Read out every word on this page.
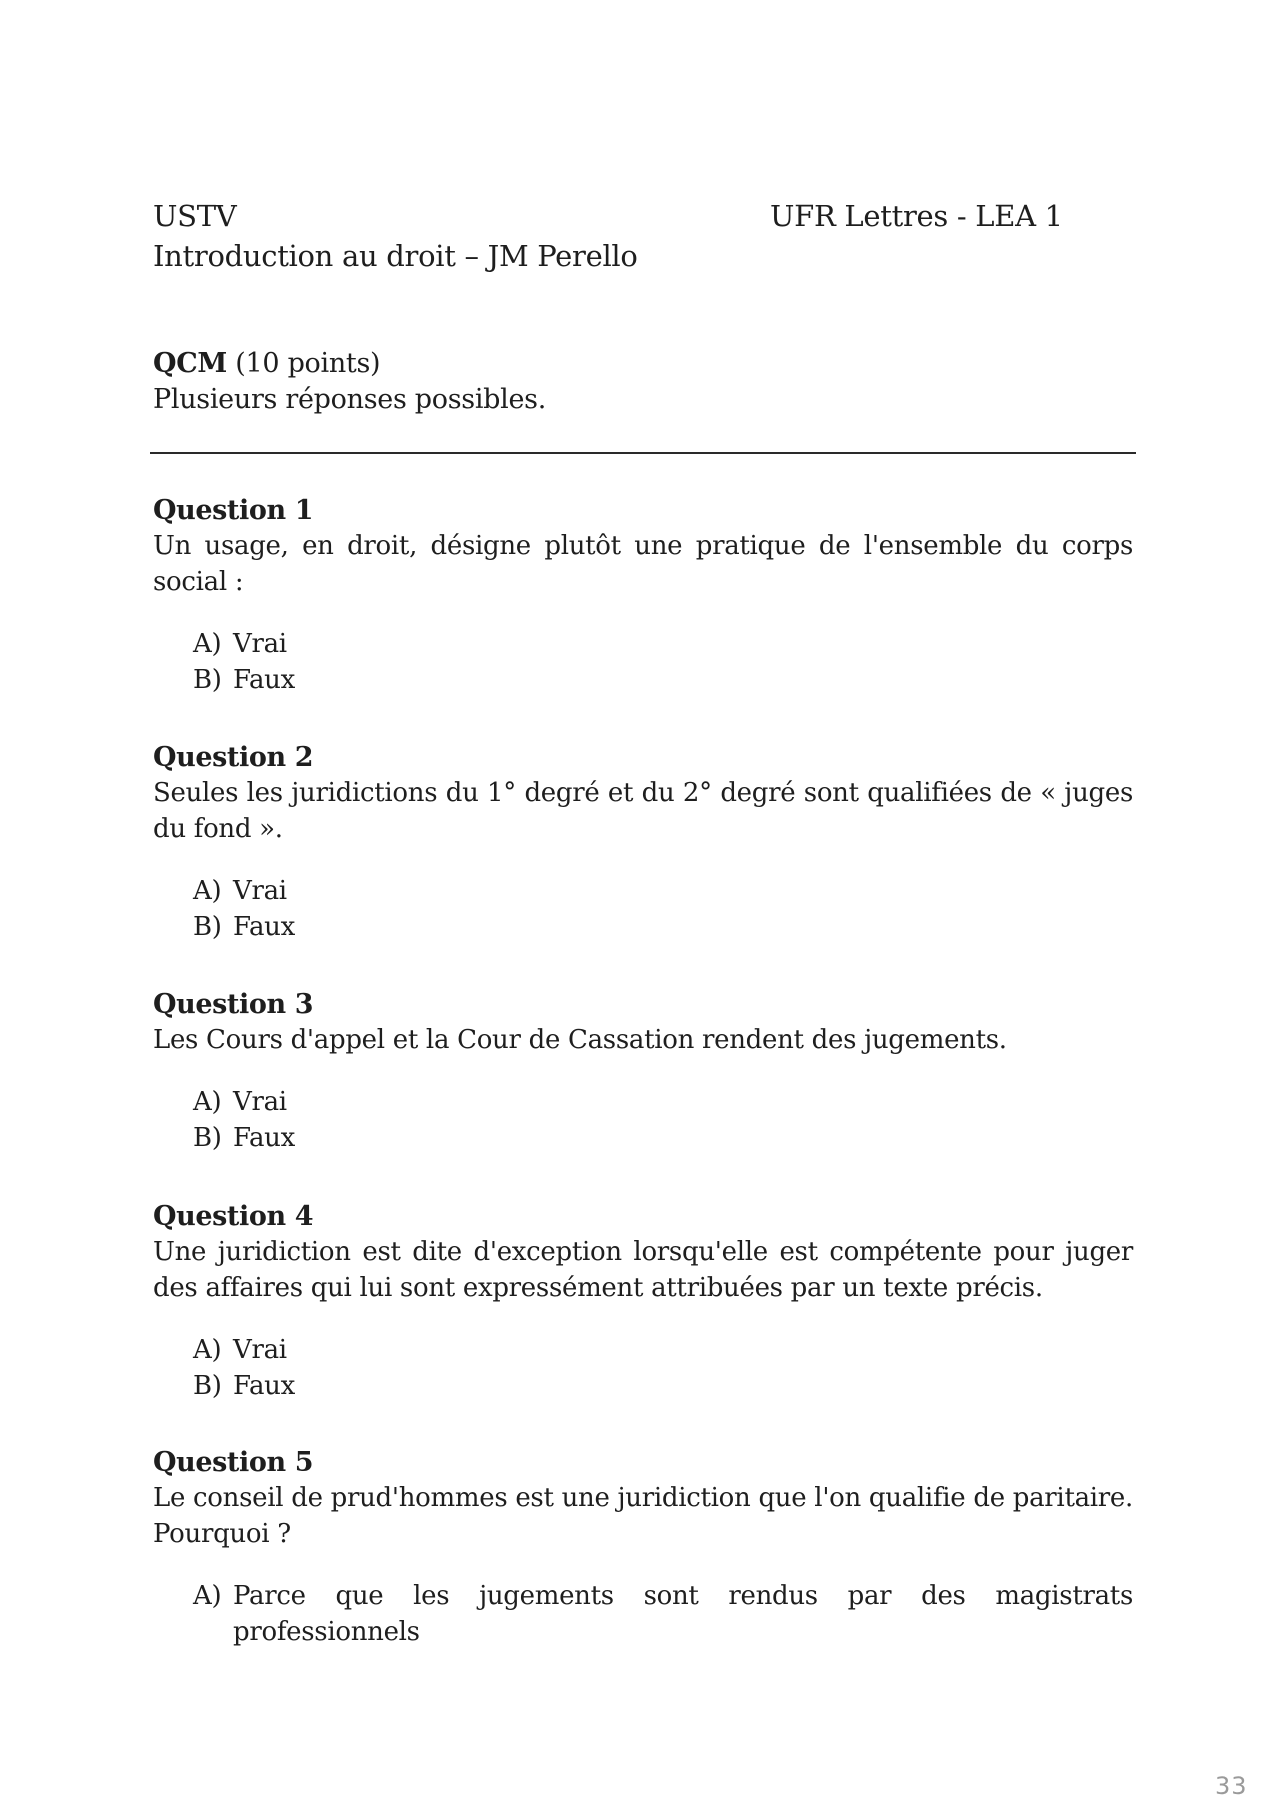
USTV
Introduction au droit – JM Perello
UFR Lettres - LEA 1
QCM (10 points)
Plusieurs réponses possibles.
Question 1
Un usage, en droit, désigne plutôt une pratique de l'ensemble du corps social :
A) Vrai
B) Faux
Question 2
Seules les juridictions du 1° degré et du 2° degré sont qualifiées de « juges du fond ».
A) Vrai
B) Faux
Question 3
Les Cours d'appel et la Cour de Cassation rendent des jugements.
A) Vrai
B) Faux
Question 4
Une juridiction est dite d'exception lorsqu'elle est compétente pour juger des affaires qui lui sont expressément attribuées par un texte précis.
A) Vrai
B) Faux
Question 5
Le conseil de prud'hommes est une juridiction que l'on qualifie de paritaire. Pourquoi ?
A) Parce que les jugements sont rendus par des magistrats professionnels
33
